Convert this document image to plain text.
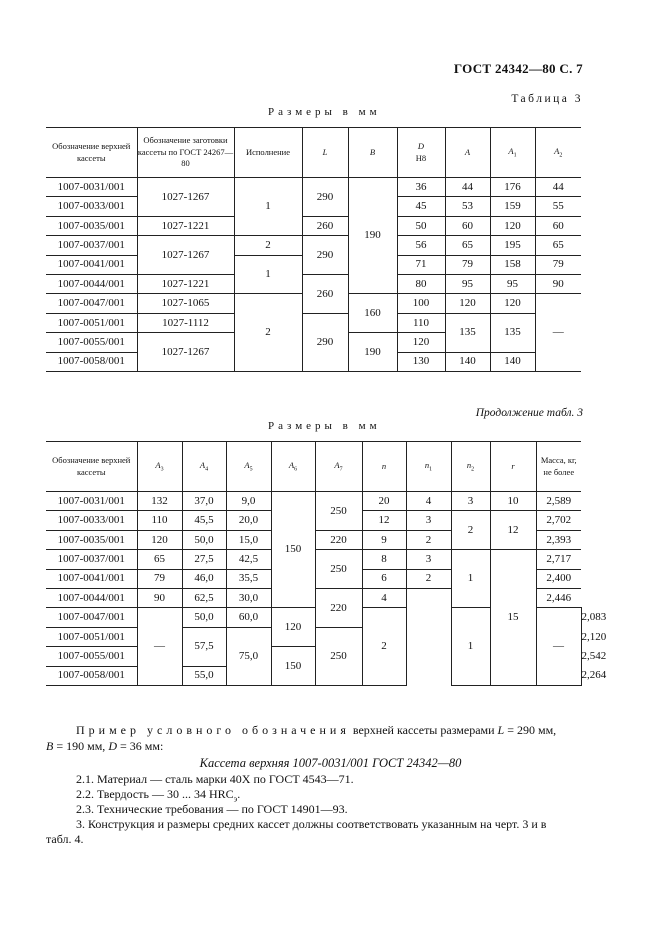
ГОСТ 24342—80 С. 7
Таблица 3
Размеры в мм
Обозначение верхней кассеты	Обозначение заготовки кассеты по ГОСТ 24267—80	Исполнение	L	B	D
H8	A	$A_1$	$A_2$
1007-0031/001	1027-1267	1	290	190	36	44	176	44
1007-0033/001					45	53	159	55
1007-0035/001	1027-1221		260		50	60	120	60
1007-0037/001	1027-1267	2	290		56	65	195	65
1007-0041/001		1			71	79	158	79
1007-0044/001	1027-1221		260		80	95	95	90
1007-0047/001	1027-1065	2		160	100	120	120	—
1007-0051/001	1027-1112		290		110	135	135	
1007-0055/001	1027-1267			190	120			
1007-0058/001					130	140	140	
Продолжение табл. 3
Размеры в мм
Обозначение верхней кассеты	$A_3$	$A_4$	$A_5$	$A_6$	$A_7$	n	$n_1$	$n_2$	r	Масса, кг, не более	
1007-0031/001	132	37,0	9,0	150	250	20	4	3	10	2,589	
1007-0033/001	110	45,5	20,0			12	3	2	12	2,702	
1007-0035/001	120	50,0	15,0		220	9	2			2,393	
1007-0037/001	65	27,5	42,5		250	8	3	1	15	2,717	
1007-0041/001	79	46,0	35,5			6	2			2,400	
1007-0044/001	90	62,5	30,0		220	4				2,446	
1007-0047/001	—	50,0	60,0	120		2		1		—	2,083
1007-0051/001		57,5	75,0		250						2,120
1007-0055/001				150							2,542
1007-0058/001		55,0									2,264
Пример условного обозначения верхней кассеты размерами L = 290 мм,
B = 190 мм, D = 36 мм:
Кассета верхняя 1007-0031/001 ГОСТ 24342—80
2.1. Материал — сталь марки 40Х по ГОСТ 4543—71.
2.2. Твердость — 30 ... 34 $HRC_э$.
2.3. Технические требования — по ГОСТ 14901—93.
3. Конструкция и размеры средних кассет должны соответствовать указанным на черт. 3 и в
табл. 4.
